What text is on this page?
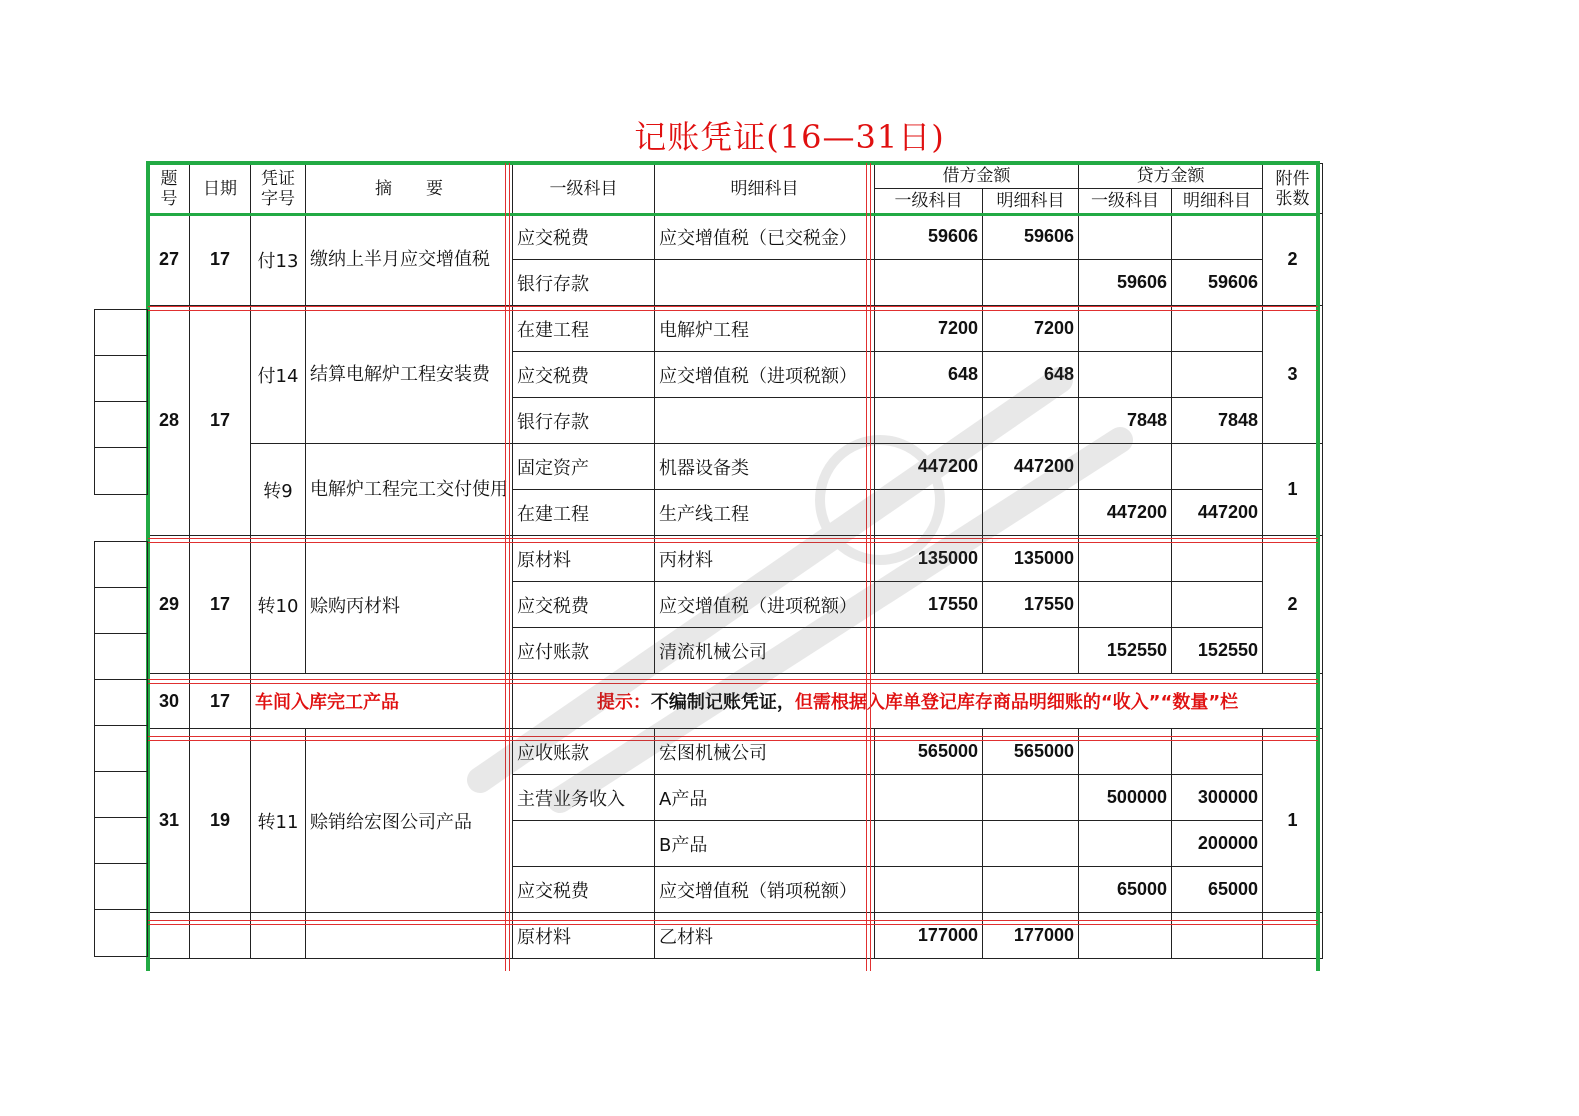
记账凭证(16—31日)
题
号	日期	凭证
字号	摘　　要	一级科目	明细科目	借方金额		贷方金额		附件
张数
						一级科目	明细科目	一级科目	明细科目	
27	17	付13	缴纳上半月应交增值税	应交税费	应交增值税（已交税金）	59606	59606			2
				银行存款				59606	59606	
28	17	付14	结算电解炉工程安装费	在建工程	电解炉工程	7200	7200			3
				应交税费	应交增值税（进项税额）	648	648			
				银行存款				7848	7848	
		转9	电解炉工程完工交付使用	固定资产	机器设备类	447200	447200			1
				在建工程	生产线工程			447200	447200	
29	17	转10	赊购丙材料	原材料	丙材料	135000	135000			2
				应交税费	应交增值税（进项税额）	17550	17550			
				应付账款	清流机械公司			152550	152550	
30	17	车间入库完工产品		提示：不编制记账凭证，但需根据入库单登记库存商品明细账的“收入”“数量”栏						
31	19	转11	赊销给宏图公司产品	应收账款	宏图机械公司	565000	565000			1
				主营业务收入	A产品			500000	300000	
					B产品				200000	
				应交税费	应交增值税（销项税额）			65000	65000	
				原材料	乙材料	177000	177000			
